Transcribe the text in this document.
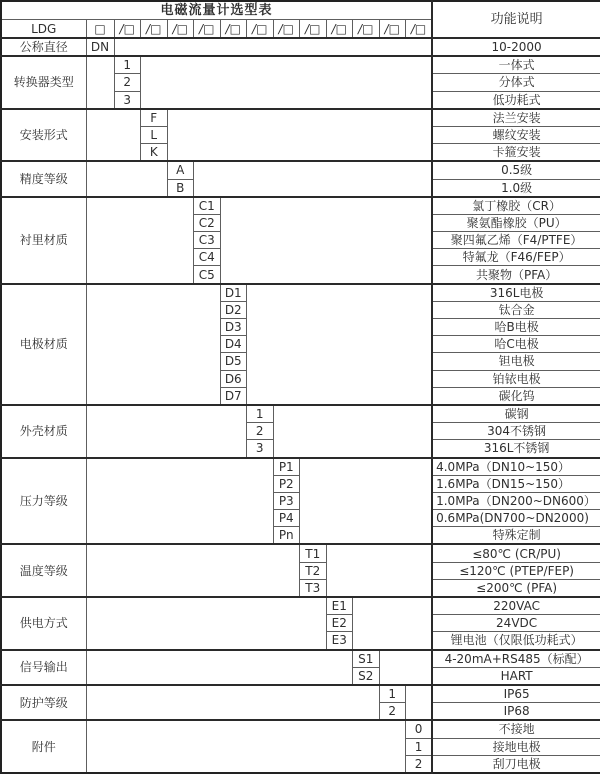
电磁流量计选型表														功能说明
LDG	□	/□	/□	/□	/□	/□	/□	/□	/□	/□	/□	/□	/□	
公称直径	DN													10-2000
转换器类型		1												一体式
		2												分体式
		3												低功耗式
安装形式			F											法兰安装
			L											螺纹安装
			K											卡箍安装
精度等级				A										0.5级
				B										1.0级
衬里材质					C1									氯丁橡胶（CR）
					C2									聚氨酯橡胶（PU）
					C3									聚四氟乙烯（F4/PTFE）
					C4									特氟龙（F46/FEP）
					C5									共聚物（PFA）
电极材质						D1								316L电极
						D2								钛合金
						D3								哈B电极
						D4								哈C电极
						D5								钽电极
						D6								铂铱电极
						D7								碳化钨
外壳材质							1							碳钢
							2							304不锈钢
							3							316L不锈钢
压力等级								P1						4.0MPa（DN10~150）
								P2						1.6MPa（DN15~150）
								P3						1.0MPa（DN200~DN600）
								P4						0.6MPa(DN700~DN2000)
								Pn						特殊定制
温度等级									T1					≤80℃ (CR/PU)
									T2					≤120℃ (PTEP/FEP)
									T3					≤200℃ (PFA)
供电方式										E1				220VAC
										E2				24VDC
										E3				锂电池（仅限低功耗式）
信号输出											S1			4-20mA+RS485（标配）
											S2			HART
防护等级												1		IP65
												2		IP68
附件													0	不接地
													1	接地电极
													2	刮刀电极
